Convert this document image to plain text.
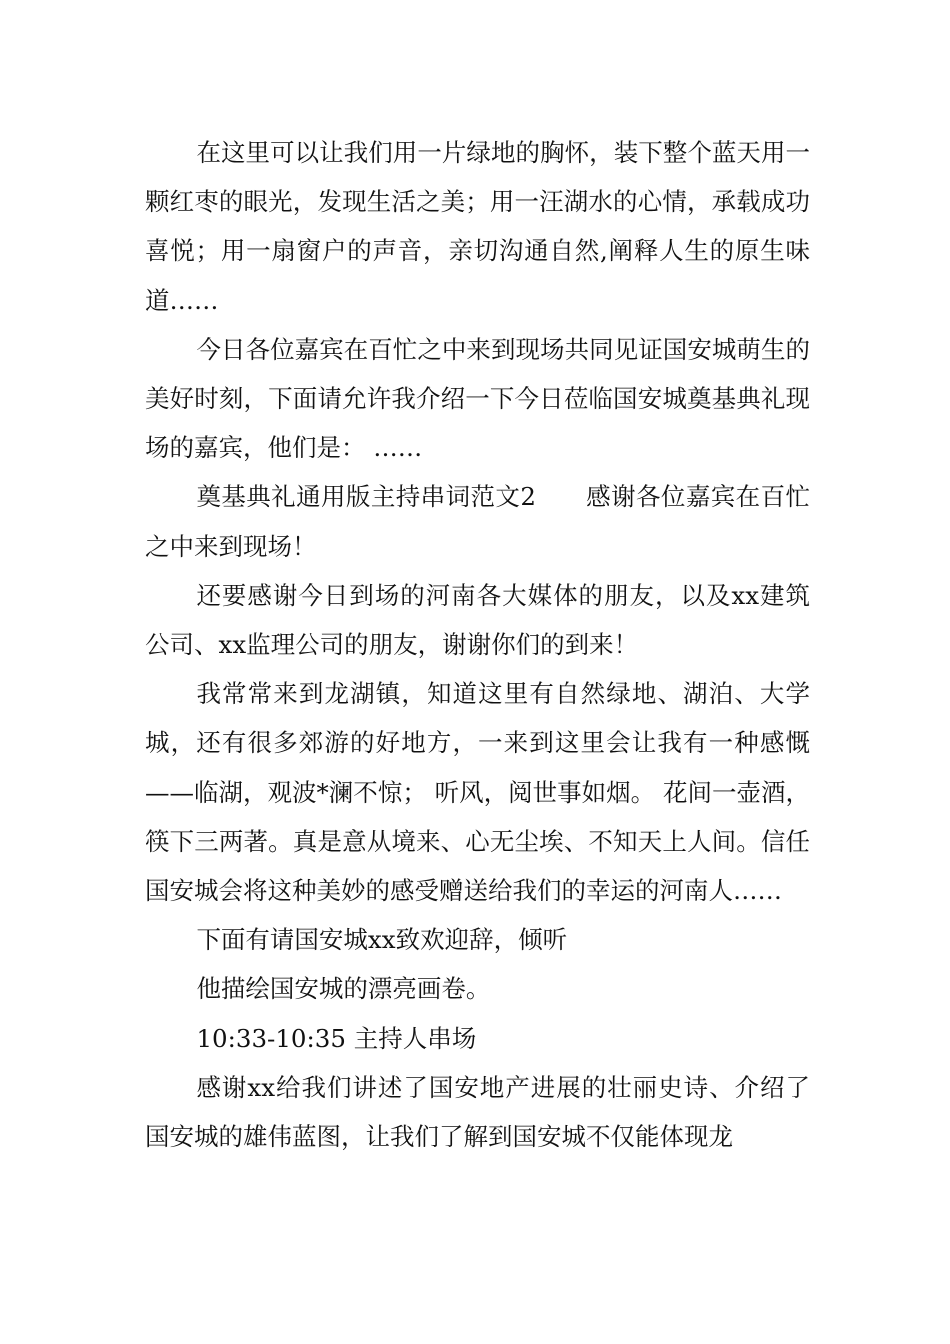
在这里可以让我们用一片绿地的胸怀，装下整个蓝天用一颗红枣的眼光，发现生活之美；用一汪湖水的心情，承载成功喜悦；用一扇窗户的声音，亲切沟通自然,阐释人生的原生味道……

今日各位嘉宾在百忙之中来到现场共同见证国安城萌生的美好时刻，下面请允许我介绍一下今日莅临国安城奠基典礼现场的嘉宾，他们是： ……

奠基典礼通用版主持串词范文2　　感谢各位嘉宾在百忙之中来到现场！

还要感谢今日到场的河南各大媒体的朋友，以及xx建筑公司、xx监理公司的朋友，谢谢你们的到来！

我常常来到龙湖镇，知道这里有自然绿地、湖泊、大学城，还有很多郊游的好地方，一来到这里会让我有一种感慨——临湖，观波*澜不惊； 听风，阅世事如烟。 花间一壶酒，筷下三两著。真是意从境来、心无尘埃、不知天上人间。信任国安城会将这种美妙的感受赠送给我们的幸运的河南人……

下面有请国安城xx致欢迎辞，倾听

他描绘国安城的漂亮画卷。

10:33-10:35 主持人串场

感谢xx给我们讲述了国安地产进展的壮丽史诗、介绍了国安城的雄伟蓝图，让我们了解到国安城不仅能体现龙
